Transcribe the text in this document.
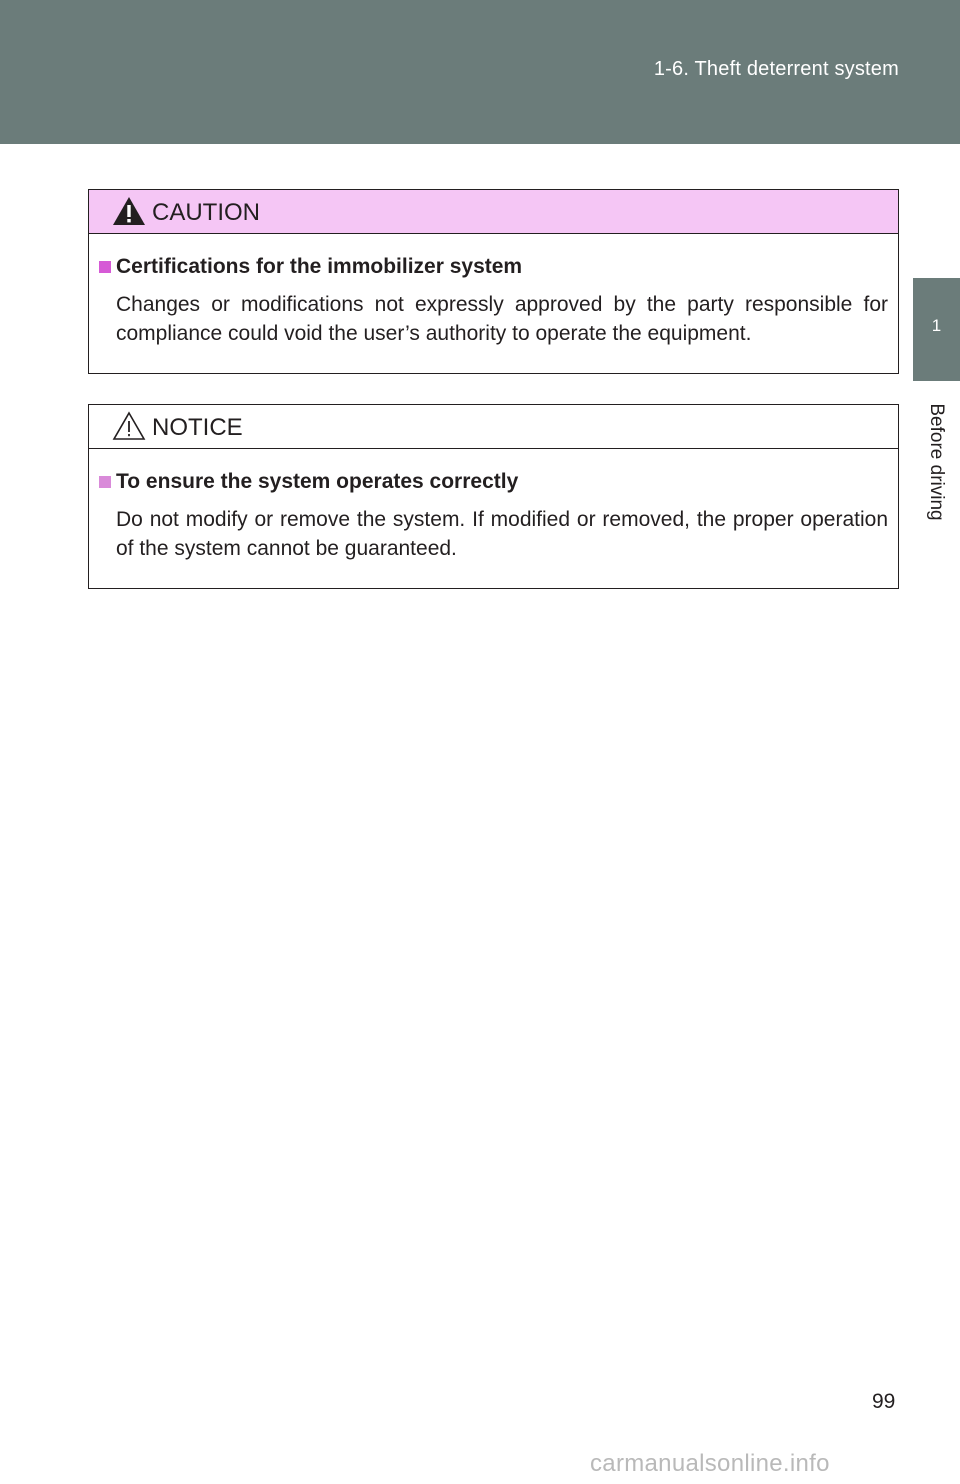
1-6. Theft deterrent system
1
Before driving
CAUTION
Certifications for the immobilizer system
Changes or modifications not expressly approved by the party responsible for compliance could void the user’s authority to operate the equipment.
NOTICE
To ensure the system operates correctly
Do not modify or remove the system. If modified or removed, the proper operation of the system cannot be guaranteed.
99
carmanualsonline.info
